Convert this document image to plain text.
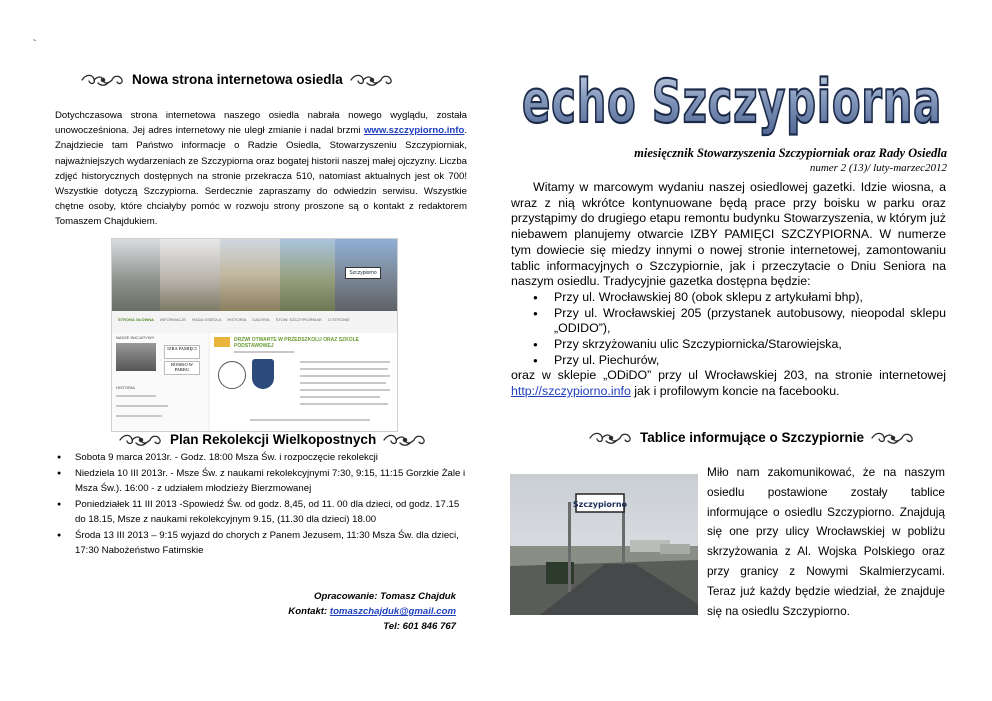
`
Nowa strona internetowa osiedla
Dotychczasowa strona internetowa naszego osiedla nabrała nowego wyglądu, została unowocześniona. Jej adres internetowy nie uległ zmianie i nadal brzmi www.szczypiorno.info. Znajdziecie tam Państwo informacje o Radzie Osiedla, Stowarzyszeniu Szczypiorniak, najważniejszych wydarzeniach ze Szczypiorna oraz bogatej historii naszej małej ojczyzny. Liczba zdjęć historycznych dostępnych na stronie przekracza 510, natomiast aktualnych jest ok 700! Wszystkie dotyczą Szczypiorna. Serdecznie zapraszamy do odwiedzin serwisu. Wszystkie chętne osoby, które chciałyby pomóc w rozwoju strony proszone są o kontakt z redaktorem Tomaszem Chajdukiem.
Szczypiorno
STRONA GŁÓWNA INFORMACJE RADA OSIEDLA HISTORIA GALERIA STOW. SZCZYPIORNIAK O STRONIE
NASZE INICJATYWY
IZBA PAMIĘCI
BOISKO W PARKU
HISTORIA
DRZWI OTWARTE W PRZEDSZKOLU ORAZ SZKOLE PODSTAWOWEJ
Plan Rekolekcji Wielkopostnych
● Sobota 9 marca 2013r. - Godz. 18:00 Msza Św. i rozpoczęcie rekolekcji
● Niedziela 10 III 2013r. - Msze Św. z naukami rekolekcyjnymi 7:30, 9:15, 11:15 Gorzkie Żale i Msza Św.). 16:00 - z udziałem młodzieży Bierzmowanej
● Poniedziałek 11 III 2013 -Spowiedź Św. od godz. 8,45, od 11. 00 dla dzieci, od godz. 17.15 do 18.15, Msze z naukami rekolekcyjnym 9.15, (11.30 dla dzieci) 18.00
● Środa 13 III 2013 – 9:15 wyjazd do chorych z Panem Jezusem, 11:30 Msza Św. dla dzieci, 17:30 Nabożeństwo Fatimskie
Opracowanie: Tomasz Chajduk
Kontakt: tomaszchajduk@gmail.com
Tel: 601 846 767
echo Szczypiorna
miesięcznik Stowarzyszenia Szczypiorniak oraz Rady Osiedla
numer 2 (13)/ luty-marzec2012
Witamy w marcowym wydaniu naszej osiedlowej gazetki. Idzie wiosna, a wraz z nią wkrótce kontynuowane będą prace przy boisku w parku oraz przystąpimy do drugiego etapu remontu budynku Stowarzyszenia, w którym już niebawem planujemy otwarcie IZBY PAMIĘCI SZCZYPIORNA. W numerze tym dowiecie się miedzy innymi o nowej stronie internetowej, zamontowaniu tablic informacyjnych o Szczypiornie, jak i przeczytacie o Dniu Seniora na naszym osiedlu. Tradycyjnie gazetka dostępna będzie:
● Przy ul. Wrocławskiej 80 (obok sklepu z artykułami bhp),
● Przy ul. Wrocławskiej 205 (przystanek autobusowy, nieopodal sklepu „ODIDO”),
● Przy skrzyżowaniu ulic Szczypiornicka/Starowiejska,
● Przy ul. Piechurów,
oraz w sklepie „ODiDO” przy ul Wrocławskiej 203, na stronie internetowej http://szczypiorno.info jak i profilowym koncie na facebooku.
Tablice informujące o Szczypiornie
Szczypiorno
Miło nam zakomunikować, że na naszym osiedlu postawione zostały tablice informujące o osiedlu Szczypiorno. Znajdują się one przy ulicy Wrocławskiej w pobliżu skrzyżowania z Al. Wojska Polskiego oraz przy granicy z Nowymi Skalmierzycami. Teraz już każdy będzie wiedział, że znajduje się na osiedlu Szczypiorno.
